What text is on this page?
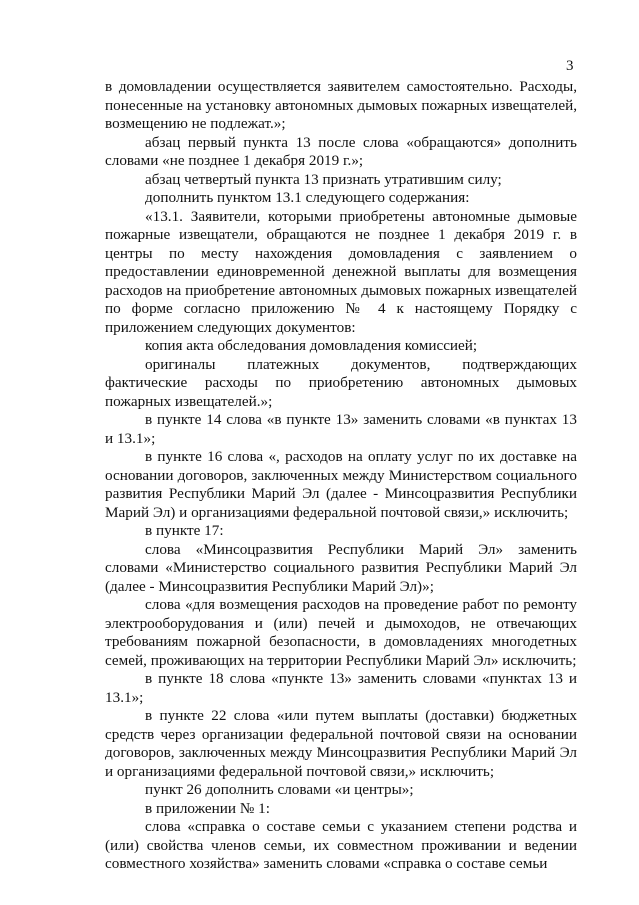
3

в домовладении осуществляется заявителем самостоятельно. Расходы, понесенные на установку автономных дымовых пожарных извещателей, возмещению не подлежат.»;

абзац первый пункта 13 после слова «обращаются» дополнить словами «не позднее 1 декабря 2019 г.»;

абзац четвертый пункта 13 признать утратившим силу;

дополнить пунктом 13.1 следующего содержания:

«13.1. Заявители, которыми приобретены автономные дымовые пожарные извещатели, обращаются не позднее 1 декабря 2019 г. в центры по месту нахождения домовладения с заявлением о предоставлении единовременной денежной выплаты для возмещения расходов на приобретение автономных дымовых пожарных извещателей по форме согласно приложению № 4 к настоящему Порядку с приложением следующих документов:

копия акта обследования домовладения комиссией;

оригиналы платежных документов, подтверждающих фактические расходы по приобретению автономных дымовых пожарных извещателей.»;

в пункте 14 слова «в пункте 13» заменить словами «в пунктах 13 и 13.1»;

в пункте 16 слова «, расходов на оплату услуг по их доставке на основании договоров, заключенных между Министерством социального развития Республики Марий Эл (далее - Минсоцразвития Республики Марий Эл) и организациями федеральной почтовой связи,» исключить;

в пункте 17:

слова «Минсоцразвития Республики Марий Эл» заменить словами «Министерство социального развития Республики Марий Эл (далее - Минсоцразвития Республики Марий Эл)»;

слова «для возмещения расходов на проведение работ по ремонту электрооборудования и (или) печей и дымоходов, не отвечающих требованиям пожарной безопасности, в домовладениях многодетных семей, проживающих на территории Республики Марий Эл» исключить;

в пункте 18 слова «пункте 13» заменить словами «пунктах 13 и 13.1»;

в пункте 22 слова «или путем выплаты (доставки) бюджетных средств через организации федеральной почтовой связи на основании договоров, заключенных между Минсоцразвития Республики Марий Эл и организациями федеральной почтовой связи,» исключить;

пункт 26 дополнить словами «и центры»;

в приложении № 1:

слова «справка о составе семьи с указанием степени родства и (или) свойства членов семьи, их совместном проживании и ведении совместного хозяйства» заменить словами «справка о составе семьи
